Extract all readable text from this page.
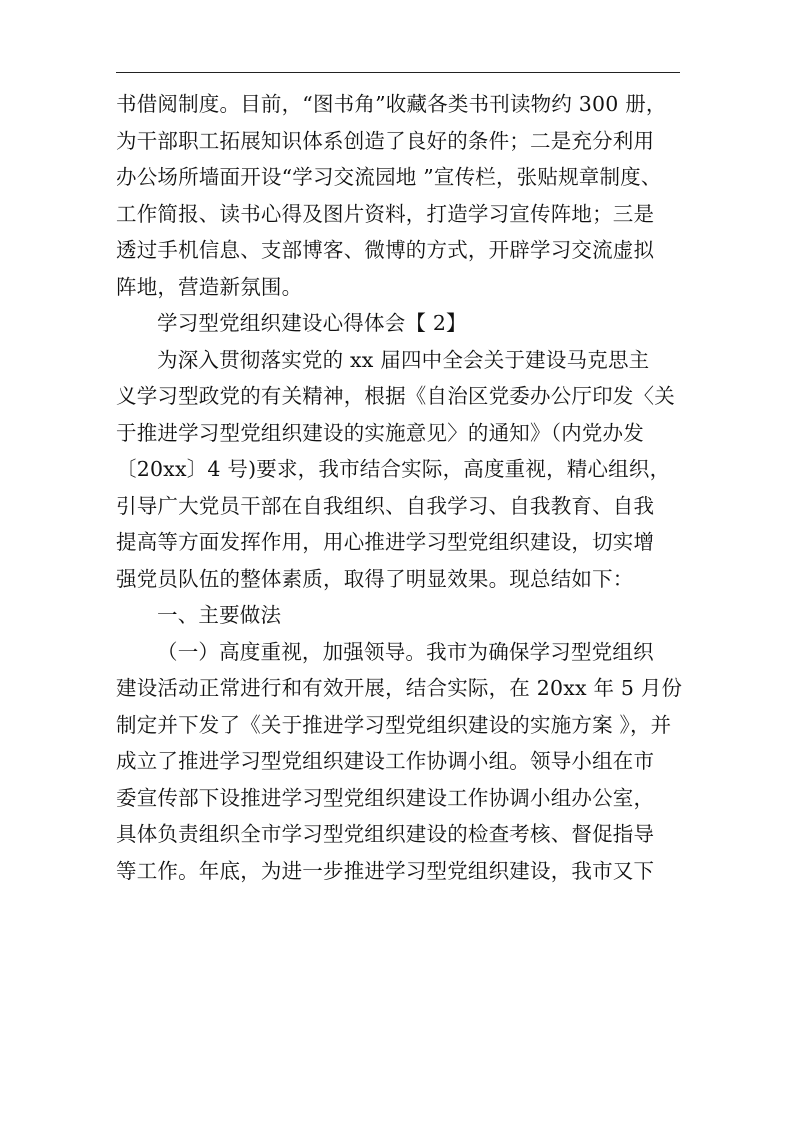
书借阅制度。目前，“图书角”收藏各类书刊读物约 300 册，
为干部职工拓展知识体系创造了良好的条件；二是充分利用
办公场所墙面开设“学习交流园地 ”宣传栏，张贴规章制度、
工作简报、读书心得及图片资料，打造学习宣传阵地；三是
透过手机信息、支部博客、微博的方式，开辟学习交流虚拟
阵地，营造新氛围。

学习型党组织建设心得体会【 2】

为深入贯彻落实党的 xx 届四中全会关于建设马克思主
义学习型政党的有关精神，根据《自治区党委办公厅印发〈关
于推进学习型党组织建设的实施意见〉的通知》（内党办发
〔20xx〕4 号)要求，我市结合实际，高度重视，精心组织，
引导广大党员干部在自我组织、自我学习、自我教育、自我
提高等方面发挥作用，用心推进学习型党组织建设，切实增
强党员队伍的整体素质，取得了明显效果。现总结如下：

一、主要做法

（一）高度重视，加强领导。我市为确保学习型党组织
建设活动正常进行和有效开展，结合实际，在 20xx 年 5 月份
制定并下发了《关于推进学习型党组织建设的实施方案 》，并
成立了推进学习型党组织建设工作协调小组。领导小组在市
委宣传部下设推进学习型党组织建设工作协调小组办公室，
具体负责组织全市学习型党组织建设的检查考核、督促指导
等工作。年底，为进一步推进学习型党组织建设，我市又下
